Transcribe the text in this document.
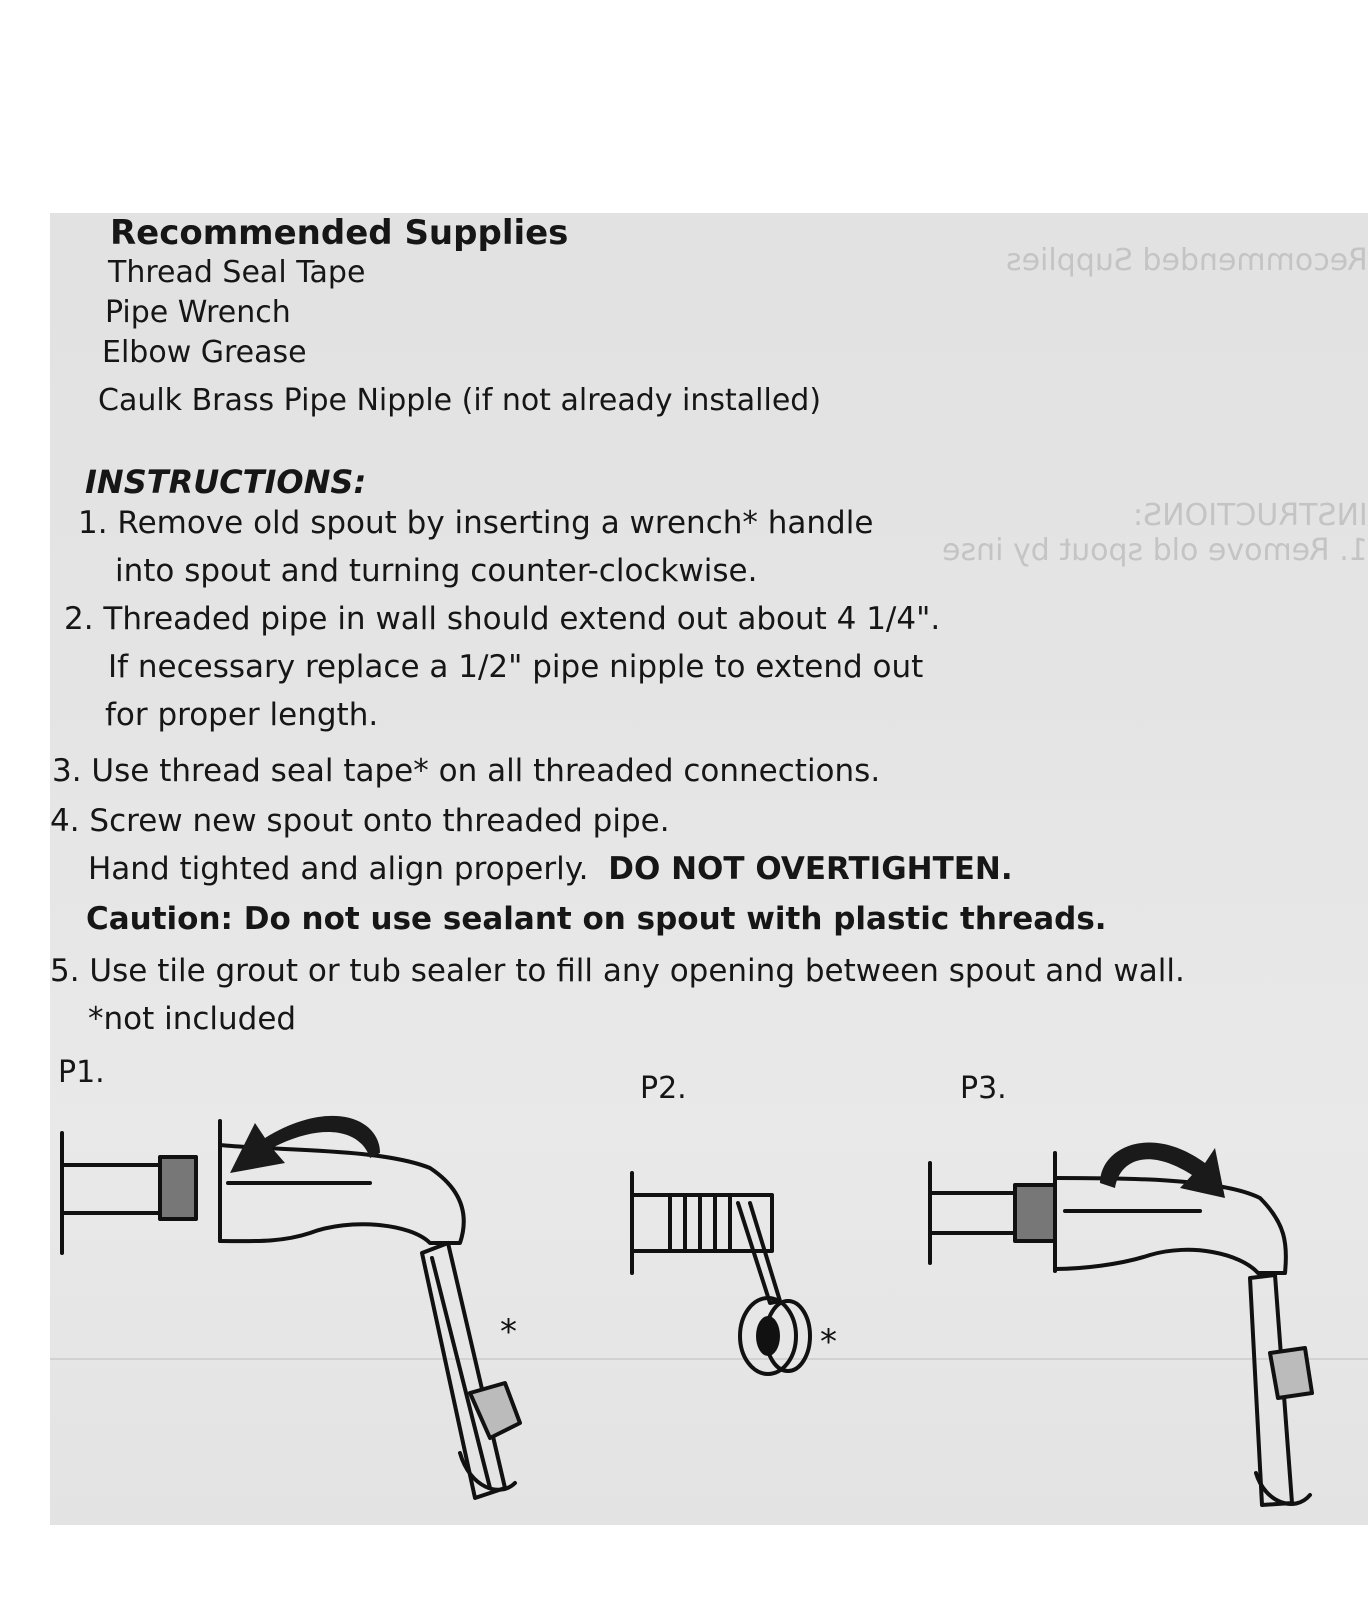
Recommended Supplies
INSTRUCTIONS:
1. Remove old spout by inse
Recommended Supplies
Thread Seal Tape
Pipe Wrench
Elbow Grease
Caulk Brass Pipe Nipple (if not already installed)
INSTRUCTIONS:
1. Remove old spout by inserting a wrench* handle
into spout and turning counter-clockwise.
2. Threaded pipe in wall should extend out about 4 1/4".
If necessary replace a 1/2" pipe nipple to extend out
for proper length.
3. Use thread seal tape* on all threaded connections.
4. Screw new spout onto threaded pipe.
Hand tighted and align properly. DO NOT OVERTIGHTEN.
Caution: Do not use sealant on spout with plastic threads.
5. Use tile grout or tub sealer to fill any opening between spout and wall.
*not included
P1.	P2.	P3.
*	*
